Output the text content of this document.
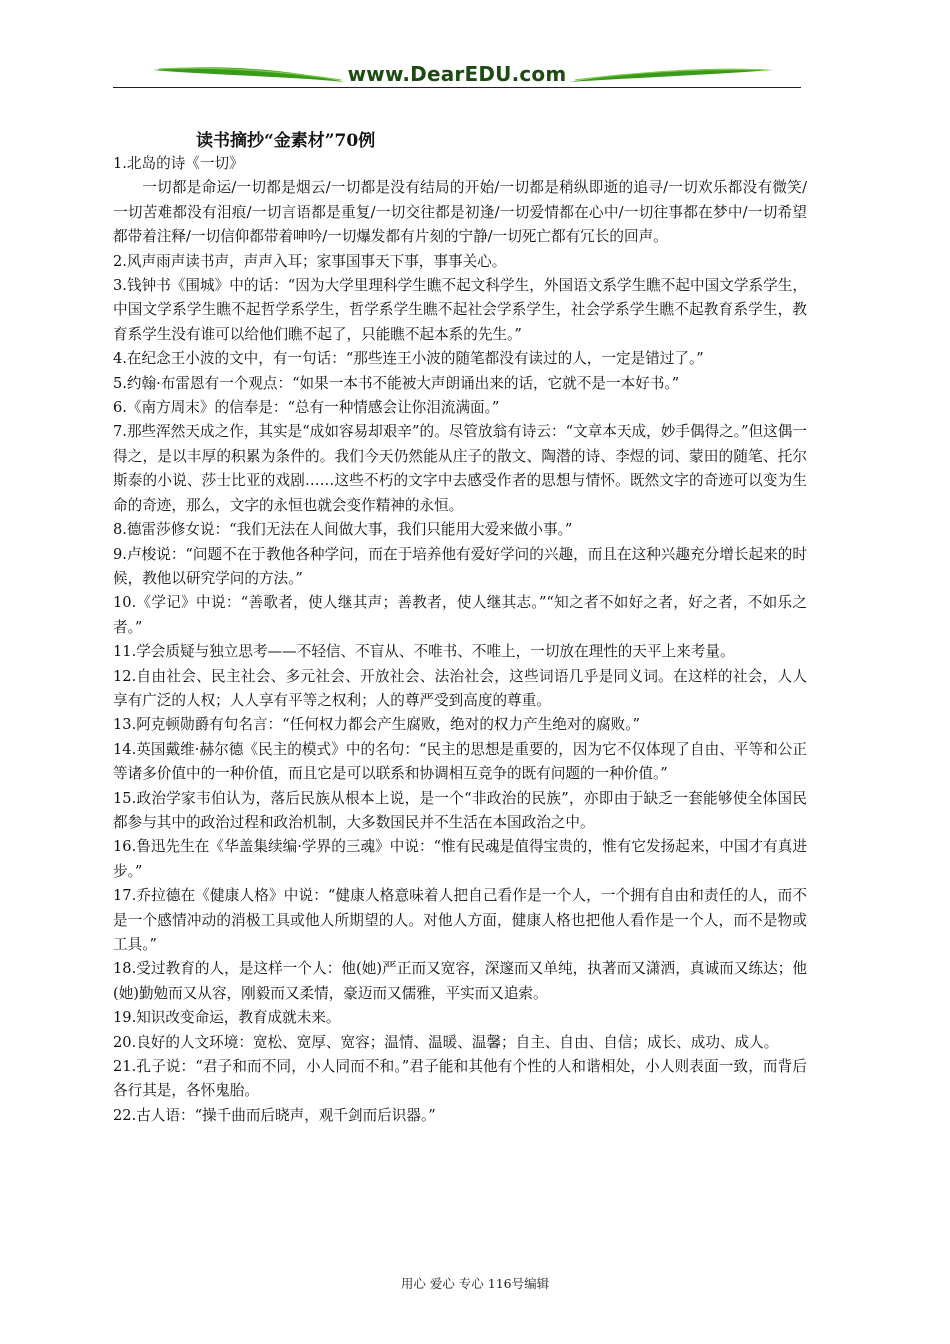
www.DearEDU.com
读书摘抄“金素材”70例

1.北岛的诗《一切》

一切都是命运/一切都是烟云/一切都是没有结局的开始/一切都是稍纵即逝的追寻/一切欢乐都没有微笑/一切苦难都没有泪痕/一切言语都是重复/一切交往都是初逢/一切爱情都在心中/一切往事都在梦中/一切希望都带着注释/一切信仰都带着呻吟/一切爆发都有片刻的宁静/一切死亡都有冗长的回声。

2.风声雨声读书声，声声入耳；家事国事天下事，事事关心。

3.钱钟书《围城》中的话：“因为大学里理科学生瞧不起文科学生，外国语文系学生瞧不起中国文学系学生，中国文学系学生瞧不起哲学系学生，哲学系学生瞧不起社会学系学生，社会学系学生瞧不起教育系学生，教育系学生没有谁可以给他们瞧不起了，只能瞧不起本系的先生。”

4.在纪念王小波的文中，有一句话：“那些连王小波的随笔都没有读过的人，一定是错过了。”

5.约翰·布雷恩有一个观点：“如果一本书不能被大声朗诵出来的话，它就不是一本好书。”

6.《南方周末》的信奉是：“总有一种情感会让你泪流满面。”

7.那些浑然天成之作，其实是“成如容易却艰辛”的。尽管放翁有诗云：“文章本天成，妙手偶得之。”但这偶一得之，是以丰厚的积累为条件的。我们今天仍然能从庄子的散文、陶潜的诗、李煜的词、蒙田的随笔、托尔斯泰的小说、莎士比亚的戏剧……这些不朽的文字中去感受作者的思想与情怀。既然文字的奇迹可以变为生命的奇迹，那么，文字的永恒也就会变作精神的永恒。

8.德雷莎修女说：“我们无法在人间做大事，我们只能用大爱来做小事。”

9.卢梭说：“问题不在于教他各种学问，而在于培养他有爱好学问的兴趣，而且在这种兴趣充分增长起来的时候，教他以研究学问的方法。”

10.《学记》中说：“善歌者，使人继其声；善教者，使人继其志。”“知之者不如好之者，好之者，不如乐之者。”

11.学会质疑与独立思考——不轻信、不盲从、不唯书、不唯上，一切放在理性的天平上来考量。

12.自由社会、民主社会、多元社会、开放社会、法治社会，这些词语几乎是同义词。在这样的社会，人人享有广泛的人权；人人享有平等之权利；人的尊严受到高度的尊重。

13.阿克顿勋爵有句名言：“任何权力都会产生腐败，绝对的权力产生绝对的腐败。”

14.英国戴维·赫尔德《民主的模式》中的名句：“民主的思想是重要的，因为它不仅体现了自由、平等和公正等诸多价值中的一种价值，而且它是可以联系和协调相互竞争的既有问题的一种价值。”

15.政治学家韦伯认为，落后民族从根本上说，是一个“非政治的民族”，亦即由于缺乏一套能够使全体国民都参与其中的政治过程和政治机制，大多数国民并不生活在本国政治之中。

16.鲁迅先生在《华盖集续编·学界的三魂》中说：“惟有民魂是值得宝贵的，惟有它发扬起来，中国才有真进步。”

17.乔拉德在《健康人格》中说：“健康人格意味着人把自己看作是一个人，一个拥有自由和责任的人，而不是一个感情冲动的消极工具或他人所期望的人。对他人方面，健康人格也把他人看作是一个人，而不是物或工具。”

18.受过教育的人，是这样一个人：他(她)严正而又宽容，深邃而又单纯，执著而又潇洒，真诚而又练达；他(她)勤勉而又从容，刚毅而又柔情，豪迈而又儒雅，平实而又追索。

19.知识改变命运，教育成就未来。

20.良好的人文环境：宽松、宽厚、宽容；温情、温暖、温馨；自主、自由、自信；成长、成功、成人。

21.孔子说：“君子和而不同，小人同而不和。”君子能和其他有个性的人和谐相处，小人则表面一致，而背后各行其是，各怀鬼胎。

22.古人语：“操千曲而后晓声，观千剑而后识器。”

用心 爱心 专心 116号编辑
